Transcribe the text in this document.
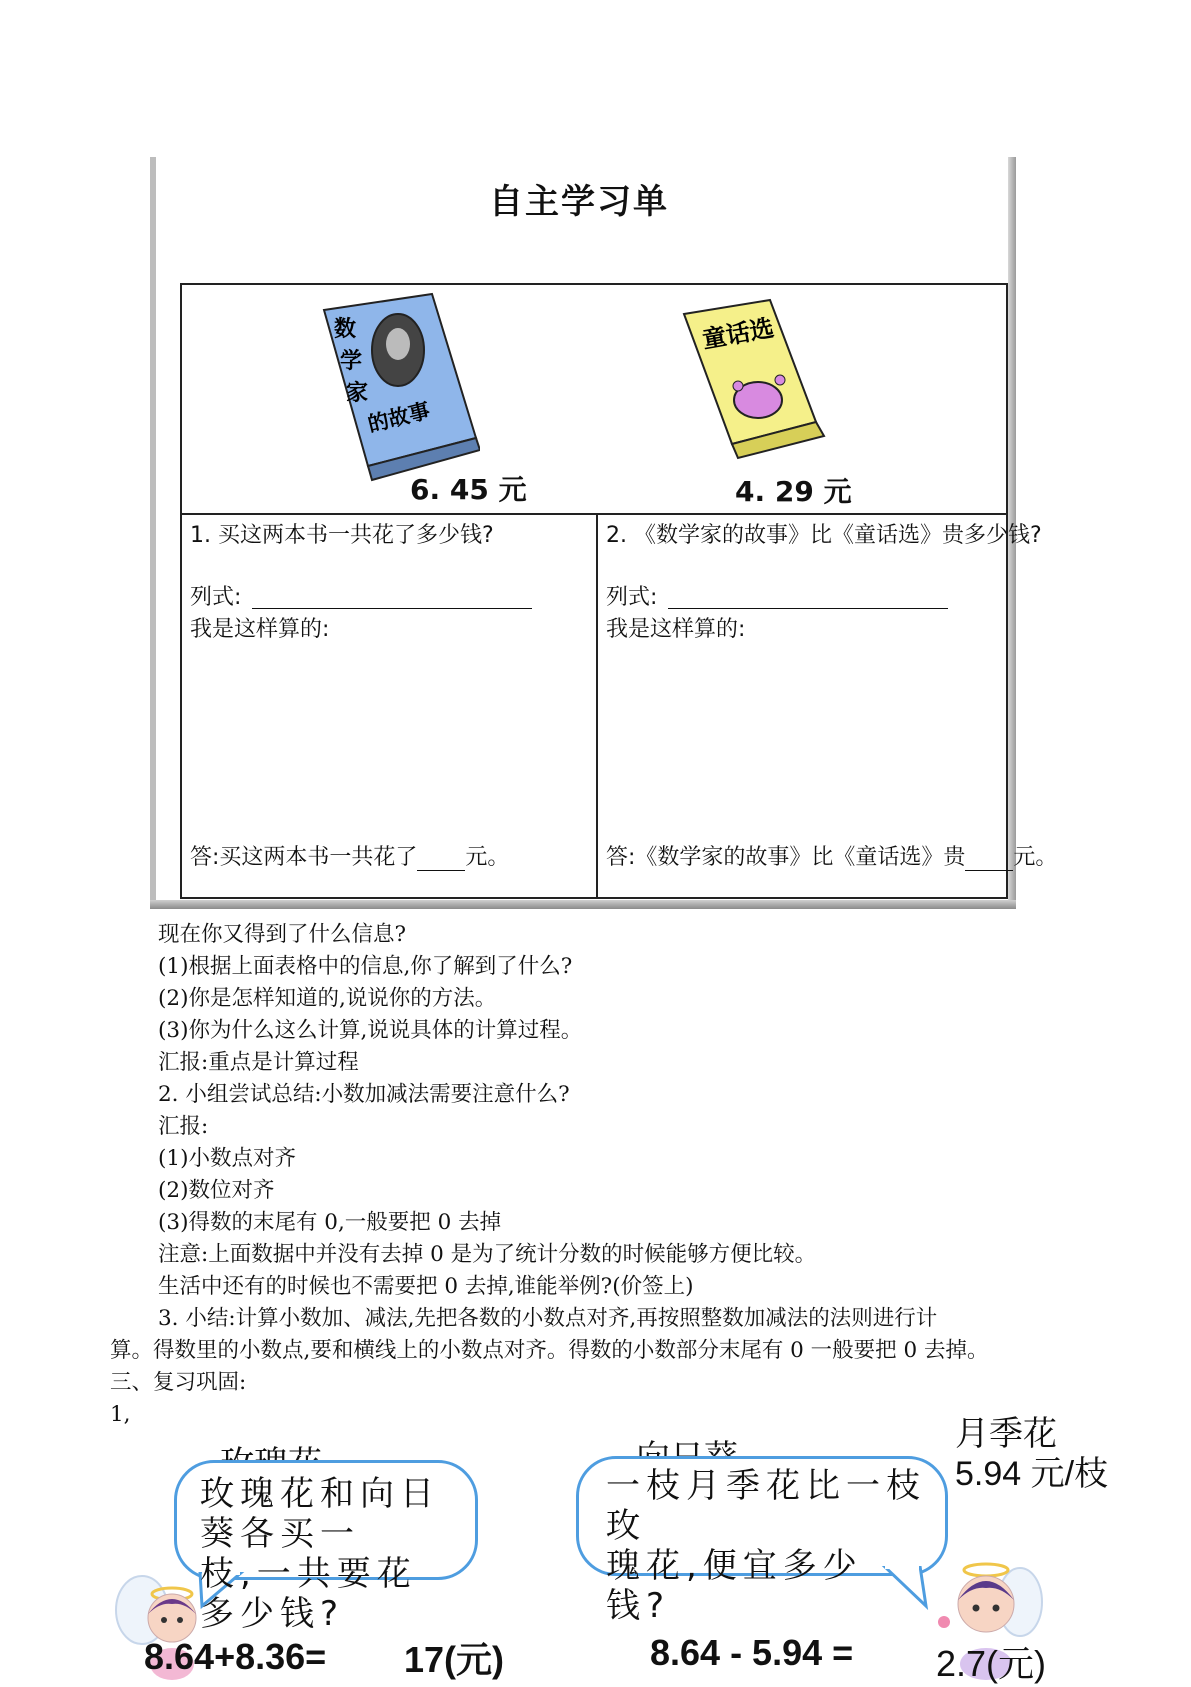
自主学习单
数
学
家
的故事
6. 45 元
童话选
4. 29 元
1. 买这两本书一共花了多少钱?
列式:
我是这样算的:
答:买这两本书一共花了 元。
2. 《数学家的故事》比《童话选》贵多少钱?
列式:
我是这样算的:
答:《数学家的故事》比《童话选》贵 元。
现在你又得到了什么信息?
(1)根据上面表格中的信息,你了解到了什么?
(2)你是怎样知道的,说说你的方法。
(3)你为什么这么计算,说说具体的计算过程。
汇报:重点是计算过程
2. 小组尝试总结:小数加减法需要注意什么?
汇报:
(1)小数点对齐
(2)数位对齐
(3)得数的末尾有 0,一般要把 0 去掉
注意:上面数据中并没有去掉 0 是为了统计分数的时候能够方便比较。
生活中还有的时候也不需要把 0 去掉,谁能举例?(价签上)
3. 小结:计算小数加、减法,先把各数的小数点对齐,再按照整数加减法的法则进行计
算。得数里的小数点,要和横线上的小数点对齐。得数的小数部分末尾有 0 一般要把 0 去掉。
三、复习巩固:
1,
月季花
5.94 元/枝
玫瑰花和向日
葵各买一
枝,一共要花
多少钱?
一枝月季花比一枝
玫
瑰花,便宜多少
钱?
8.64+8.36= 17(元)	8.64 - 5.94 = 2.7(元)
